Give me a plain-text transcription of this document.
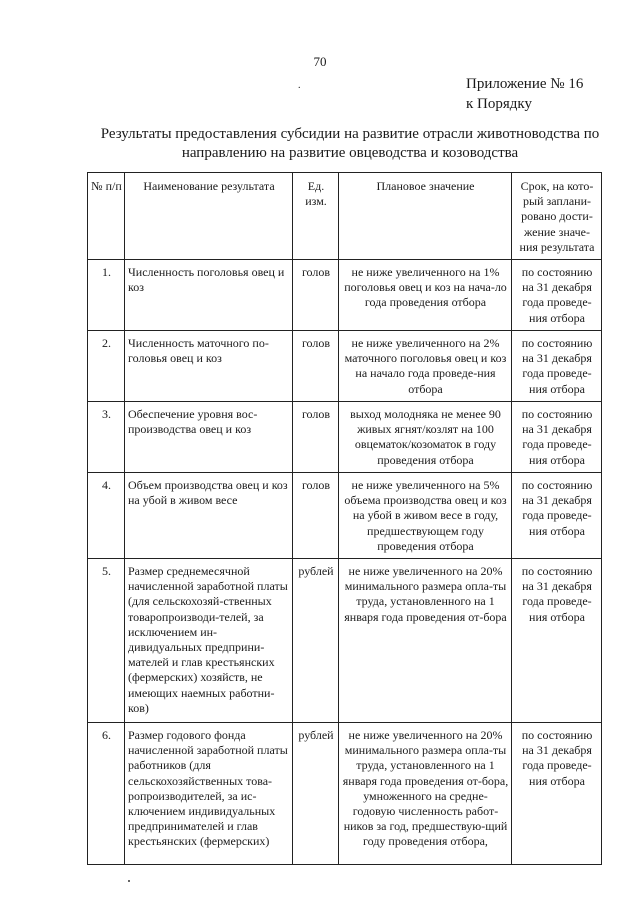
70
.	Приложение № 16
к Порядку
Результаты предоставления субсидии на развитие отрасли животноводства по
направлению на развитие овцеводства и козоводства
№ п/п	Наименование результата	Ед. изм.	Плановое значение	Срок, на кото-рый заплани-ровано дости-жение значе-ния результата
1.	Численность поголовья овец и коз	голов	не ниже увеличенного на 1% поголовья овец и коз на нача-ло года проведения отбора	по состоянию на 31 декабря года проведе-ния отбора
2.	Численность маточного по-головья овец и коз	голов	не ниже увеличенного на 2% маточного поголовья овец и коз на начало года проведе-ния отбора	по состоянию на 31 декабря года проведе-ния отбора
3.	Обеспечение уровня вос-производства овец и коз	голов	выход молодняка не менее 90 живых ягнят/козлят на 100 овцематок/козоматок в году проведения отбора	по состоянию на 31 декабря года проведе-ния отбора
4.	Объем производства овец и коз на убой в живом весе	голов	не ниже увеличенного на 5% объема производства овец и коз на убой в живом весе в году, предшествующем году проведения отбора	по состоянию на 31 декабря года проведе-ния отбора
5.	Размер среднемесячной начисленной заработной платы (для сельскохозяй-ственных товаропроизводи-телей, за исключением ин-дивидуальных предприни-мателей и глав крестьянских (фермерских) хозяйств, не имеющих наемных работни-ков)	рублей	не ниже увеличенного на 20% минимального размера опла-ты труда, установленного на 1 января года проведения от-бора	по состоянию на 31 декабря года проведе-ния отбора
6.	Размер годового фонда начисленной заработной платы работников (для сельскохозяйственных това-ропроизводителей, за ис-ключением индивидуальных предпринимателей и глав крестьянских (фермерских)	рублей	не ниже увеличенного на 20% минимального размера опла-ты труда, установленного на 1 января года проведения от-бора, умноженного на средне-годовую численность работ-ников за год, предшествую-щий году проведения отбора,	по состоянию на 31 декабря года проведе-ния отбора
